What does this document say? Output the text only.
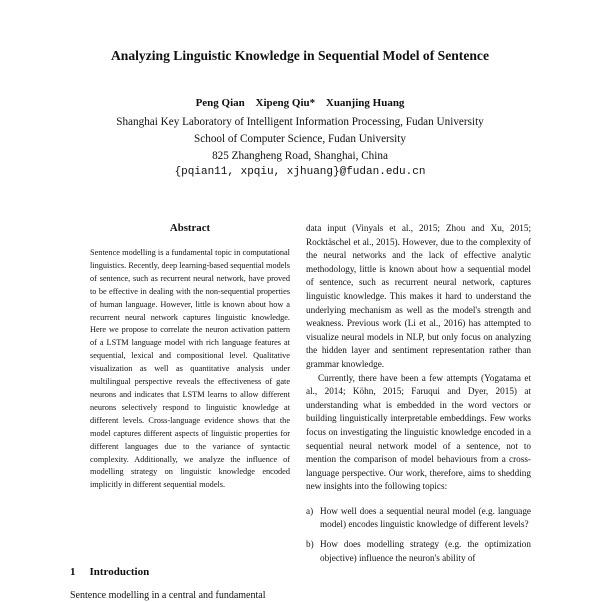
Analyzing Linguistic Knowledge in Sequential Model of Sentence
Peng Qian Xipeng Qiu* Xuanjing Huang
Shanghai Key Laboratory of Intelligent Information Processing, Fudan University
School of Computer Science, Fudan University
825 Zhangheng Road, Shanghai, China
{pqian11, xpqiu, xjhuang}@fudan.edu.cn
Abstract
Sentence modelling is a fundamental topic in computational linguistics. Recently, deep learning-based sequential models of sentence, such as recurrent neural network, have proved to be effective in dealing with the non-sequential properties of human language. However, little is known about how a recurrent neural network captures linguistic knowledge. Here we propose to correlate the neuron activation pattern of a LSTM language model with rich language features at sequential, lexical and compositional level. Qualitative visualization as well as quantitative analysis under multilingual perspective reveals the effectiveness of gate neurons and indicates that LSTM learns to allow different neurons selectively respond to linguistic knowledge at different levels. Cross-language evidence shows that the model captures different aspects of linguistic properties for different languages due to the variance of syntactic complexity. Additionally, we analyze the influence of modelling strategy on linguistic knowledge encoded implicitly in different sequential models.
1 Introduction
Sentence modelling in a central and fundamental

data input (Vinyals et al., 2015; Zhou and Xu, 2015; Rocktäschel et al., 2015). However, due to the complexity of the neural networks and the lack of effective analytic methodology, little is known about how a sequential model of sentence, such as recurrent neural network, captures linguistic knowledge. This makes it hard to understand the underlying mechanism as well as the model's strength and weakness. Previous work (Li et al., 2016) has attempted to visualize neural models in NLP, but only focus on analyzing the hidden layer and sentiment representation rather than grammar knowledge.

Currently, there have been a few attempts (Yogatama et al., 2014; Köhn, 2015; Faruqui and Dyer, 2015) at understanding what is embedded in the word vectors or building linguistically interpretable embeddings. Few works focus on investigating the linguistic knowledge encoded in a sequential neural network model of a sentence, not to mention the comparison of model behaviours from a cross-language perspective. Our work, therefore, aims to shedding new insights into the following topics:

a) How well does a sequential neural model (e.g. language model) encodes linguistic knowledge of different levels?
b) How does modelling strategy (e.g. the optimization objective) influence the neuron's ability of
